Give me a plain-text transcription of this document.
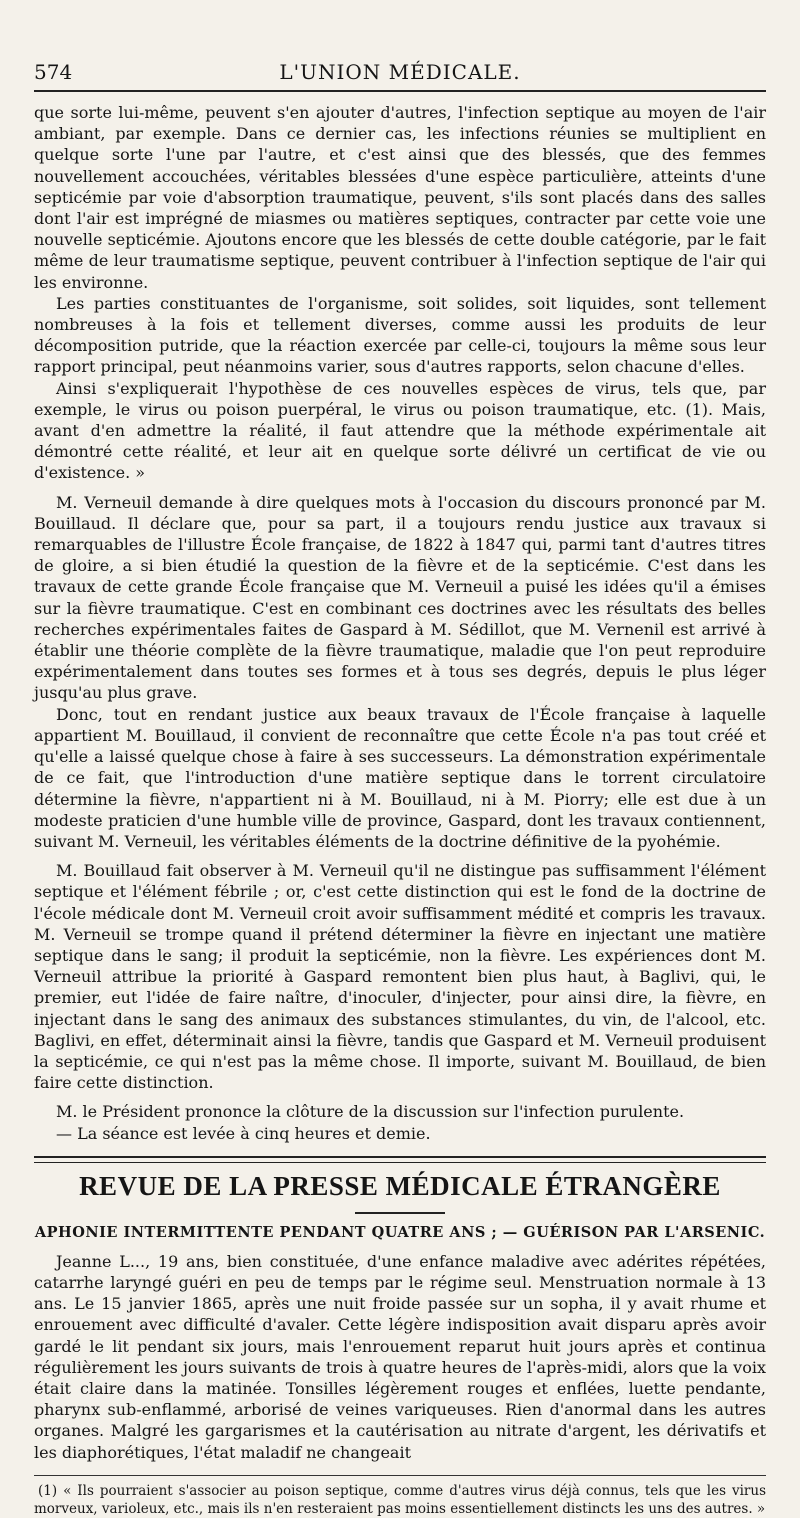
574	L'UNION MÉDICALE.

que sorte lui-même, peuvent s'en ajouter d'autres, l'infection septique au moyen de l'air ambiant, par exemple. Dans ce dernier cas, les infections réunies se multiplient en quelque sorte l'une par l'autre, et c'est ainsi que des blessés, que des femmes nouvellement accouchées, véritables blessées d'une espèce particulière, atteints d'une septicémie par voie d'absorption traumatique, peuvent, s'ils sont placés dans des salles dont l'air est imprégné de miasmes ou matières septiques, contracter par cette voie une nouvelle septicémie. Ajoutons encore que les blessés de cette double catégorie, par le fait même de leur traumatisme septique, peuvent contribuer à l'infection septique de l'air qui les environne.

Les parties constituantes de l'organisme, soit solides, soit liquides, sont tellement nombreuses à la fois et tellement diverses, comme aussi les produits de leur décomposition putride, que la réaction exercée par celle-ci, toujours la même sous leur rapport principal, peut néanmoins varier, sous d'autres rapports, selon chacune d'elles.

Ainsi s'expliquerait l'hypothèse de ces nouvelles espèces de virus, tels que, par exemple, le virus ou poison puerpéral, le virus ou poison traumatique, etc. (1). Mais, avant d'en admettre la réalité, il faut attendre que la méthode expérimentale ait démontré cette réalité, et leur ait en quelque sorte délivré un certificat de vie ou d'existence. »

M. Verneuil demande à dire quelques mots à l'occasion du discours prononcé par M. Bouillaud. Il déclare que, pour sa part, il a toujours rendu justice aux travaux si remarquables de l'illustre École française, de 1822 à 1847 qui, parmi tant d'autres titres de gloire, a si bien étudié la question de la fièvre et de la septicémie. C'est dans les travaux de cette grande École française que M. Verneuil a puisé les idées qu'il a émises sur la fièvre traumatique. C'est en combinant ces doctrines avec les résultats des belles recherches expérimentales faites de Gaspard à M. Sédillot, que M. Vernenil est arrivé à établir une théorie complète de la fièvre traumatique, maladie que l'on peut reproduire expérimentalement dans toutes ses formes et à tous ses degrés, depuis le plus léger jusqu'au plus grave.

Donc, tout en rendant justice aux beaux travaux de l'École française à laquelle appartient M. Bouillaud, il convient de reconnaître que cette École n'a pas tout créé et qu'elle a laissé quelque chose à faire à ses successeurs. La démonstration expérimentale de ce fait, que l'introduction d'une matière septique dans le torrent circulatoire détermine la fièvre, n'appartient ni à M. Bouillaud, ni à M. Piorry; elle est due à un modeste praticien d'une humble ville de province, Gaspard, dont les travaux contiennent, suivant M. Verneuil, les véritables éléments de la doctrine définitive de la pyohémie.

M. Bouillaud fait observer à M. Verneuil qu'il ne distingue pas suffisamment l'élément septique et l'élément fébrile ; or, c'est cette distinction qui est le fond de la doctrine de l'école médicale dont M. Verneuil croit avoir suffisamment médité et compris les travaux. M. Verneuil se trompe quand il prétend déterminer la fièvre en injectant une matière septique dans le sang; il produit la septicémie, non la fièvre. Les expériences dont M. Verneuil attribue la priorité à Gaspard remontent bien plus haut, à Baglivi, qui, le premier, eut l'idée de faire naître, d'inoculer, d'injecter, pour ainsi dire, la fièvre, en injectant dans le sang des animaux des substances stimulantes, du vin, de l'alcool, etc. Baglivi, en effet, déterminait ainsi la fièvre, tandis que Gaspard et M. Verneuil produisent la septicémie, ce qui n'est pas la même chose. Il importe, suivant M. Bouillaud, de bien faire cette distinction.

M. le Président prononce la clôture de la discussion sur l'infection purulente.

— La séance est levée à cinq heures et demie.

REVUE DE LA PRESSE MÉDICALE ÉTRANGÈRE
APHONIE INTERMITTENTE PENDANT QUATRE ANS ; — GUÉRISON PAR L'ARSENIC.

Jeanne L..., 19 ans, bien constituée, d'une enfance maladive avec adérites répétées, catarrhe laryngé guéri en peu de temps par le régime seul. Menstruation normale à 13 ans. Le 15 janvier 1865, après une nuit froide passée sur un sopha, il y avait rhume et enrouement avec difficulté d'avaler. Cette légère indisposition avait disparu après avoir gardé le lit pendant six jours, mais l'enrouement reparut huit jours après et continua régulièrement les jours suivants de trois à quatre heures de l'après-midi, alors que la voix était claire dans la matinée. Tonsilles légèrement rouges et enflées, luette pendante, pharynx sub-enflammé, arborisé de veines variqueuses. Rien d'anormal dans les autres organes. Malgré les gargarismes et la cautérisation au nitrate d'argent, les dérivatifs et les diaphorétiques, l'état maladif ne changeait

(1) « Ils pourraient s'associer au poison septique, comme d'autres virus déjà connus, tels que les virus morveux, varioleux, etc., mais ils n'en resteraient pas moins essentiellement distincts les uns des autres. »
